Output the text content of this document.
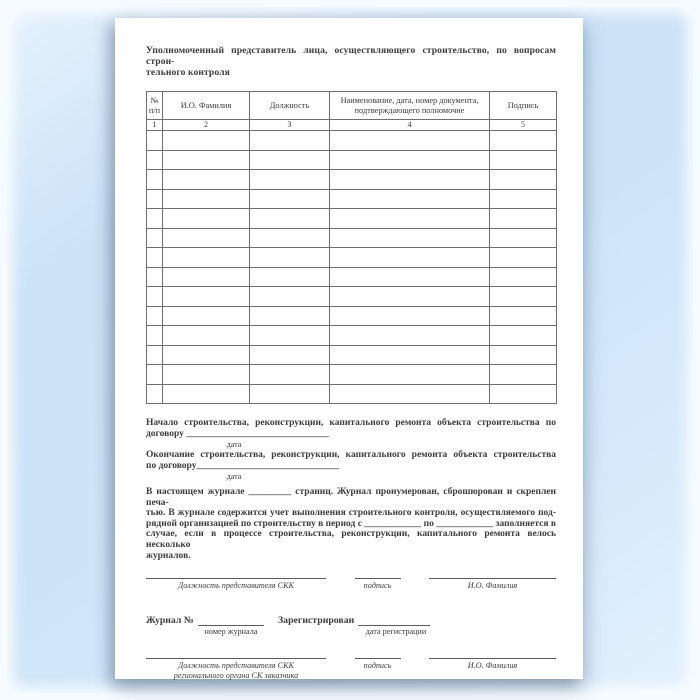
Уполномоченный представитель лица, осуществляющего строительство, по вопросам строи-
тельного контроля
№ п/п	И.О. Фамилия	Должность	Наименование, дата, номер документа, подтверждающего полномочие	Подпись
1	2	3	4	5

Начало строительства, реконструкции, капитального ремонта объекта строительства по
договору ______________________________
дата
Окончание строительства, реконструкции, капитального ремонта объекта строительства
по договору______________________________
дата
В настоящем журнале _________ страниц. Журнал пронумерован, сброшюрован и скреплен печа-
тью. В журнале содержится учет выполнения строительного контроля, осуществляемого под-
рядной организацией по строительству в период с ____________ по ____________ заполняется в
случае, если в процессе строительства, реконструкции, капитального ремонта велось несколько
журналов.
Должность представителя СКК	подпись	И.О. Фамилия
Журнал №
номер журнала
Зарегистрирован
дата регистрации
Должность представителя СКК
регионального органа СК заказчика
подпись	И.О. Фамилия
